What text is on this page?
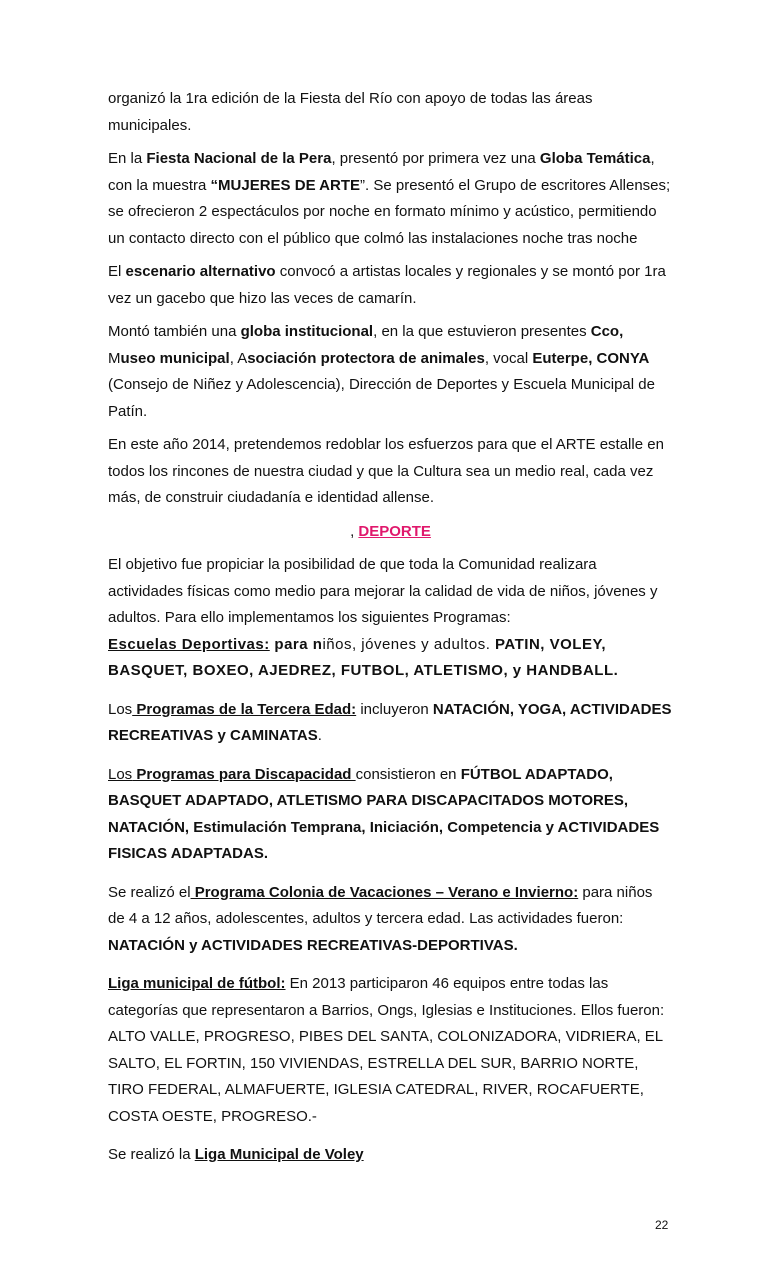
organizó la 1ra edición de la Fiesta del Río con apoyo de todas las áreas municipales.

En la Fiesta Nacional de la Pera, presentó por primera vez una Globa Temática, con la muestra “MUJERES DE ARTE”. Se presentó el Grupo de escritores Allenses; se ofrecieron 2 espectáculos por noche en formato mínimo y acústico, permitiendo un contacto directo con el público que colmó las instalaciones noche tras noche

El escenario alternativo convocó a artistas locales y regionales y se montó por 1ra vez un gacebo que hizo las veces de camarín.

Montó también una globa institucional, en la que estuvieron presentes Cco, Museo municipal, Asociación protectora de animales, vocal Euterpe, CONYA (Consejo de Niñez y Adolescencia), Dirección de Deportes y Escuela Municipal de Patín.

En este año 2014, pretendemos redoblar los esfuerzos para que el ARTE estalle en todos los rincones de nuestra ciudad y que la Cultura sea un medio real, cada vez más, de construir ciudadanía e identidad allense.

, DEPORTE

El objetivo fue propiciar la posibilidad de que toda la Comunidad realizara actividades físicas como medio para mejorar la calidad de vida de niños, jóvenes y adultos. Para ello implementamos los siguientes Programas:

Escuelas Deportivas: para niños, jóvenes y adultos. PATIN, VOLEY, BASQUET, BOXEO, AJEDREZ, FUTBOL, ATLETISMO, y HANDBALL.

Los Programas de la Tercera Edad: incluyeron NATACIÓN, YOGA, ACTIVIDADES RECREATIVAS y CAMINATAS.

Los Programas para Discapacidad consistieron en FÚTBOL ADAPTADO, BASQUET ADAPTADO, ATLETISMO PARA DISCAPACITADOS MOTORES, NATACIÓN, Estimulación Temprana, Iniciación, Competencia y ACTIVIDADES FISICAS ADAPTADAS.

Se realizó el Programa Colonia de Vacaciones – Verano e Invierno: para niños de 4 a 12 años, adolescentes, adultos y tercera edad. Las actividades fueron: NATACIÓN y ACTIVIDADES RECREATIVAS-DEPORTIVAS.

Liga municipal de fútbol: En 2013 participaron 46 equipos entre todas las categorías que representaron a Barrios, Ongs, Iglesias e Instituciones. Ellos fueron: ALTO VALLE, PROGRESO, PIBES DEL SANTA, COLONIZADORA, VIDRIERA, EL SALTO, EL FORTIN, 150 VIVIENDAS, ESTRELLA DEL SUR, BARRIO NORTE, TIRO FEDERAL, ALMAFUERTE, IGLESIA CATEDRAL, RIVER, ROCAFUERTE, COSTA OESTE, PROGRESO.-

Se realizó la Liga Municipal de Voley

22
